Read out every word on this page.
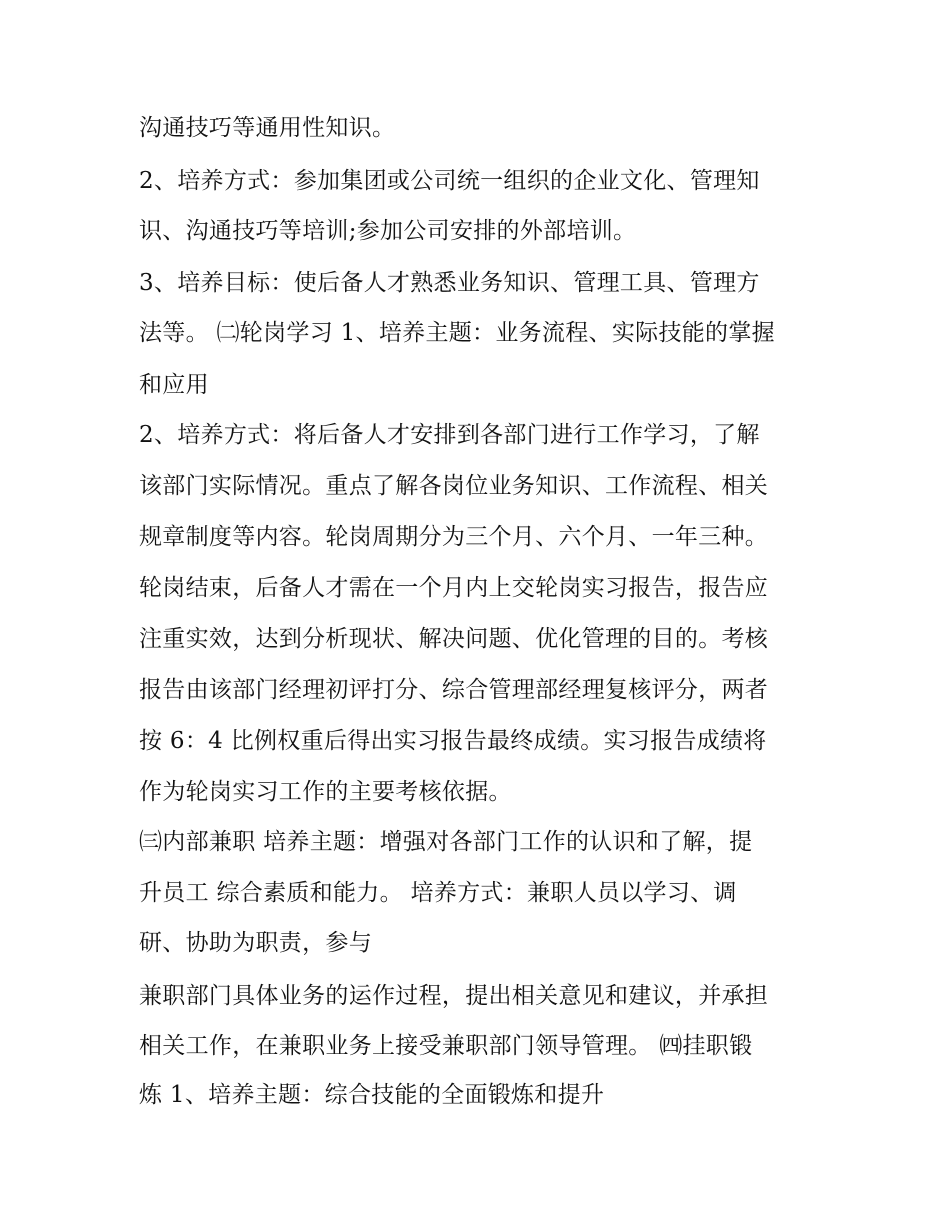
沟通技巧等通用性知识。

2、培养方式：参加集团或公司统一组织的企业文化、管理知

识、沟通技巧等培训;参加公司安排的外部培训。

3、培养目标：使后备人才熟悉业务知识、管理工具、管理方

法等。 ㈡轮岗学习 1、培养主题：业务流程、实际技能的掌握

和应用

2、培养方式：将后备人才安排到各部门进行工作学习，了解

该部门实际情况。重点了解各岗位业务知识、工作流程、相关

规章制度等内容。轮岗周期分为三个月、六个月、一年三种。

轮岗结束，后备人才需在一个月内上交轮岗实习报告，报告应

注重实效，达到分析现状、解决问题、优化管理的目的。考核

报告由该部门经理初评打分、综合管理部经理复核评分，两者

按 6：4 比例权重后得出实习报告最终成绩。实习报告成绩将

作为轮岗实习工作的主要考核依据。

㈢内部兼职 培养主题：增强对各部门工作的认识和了解，提

升员工 综合素质和能力。 培养方式：兼职人员以学习、调

研、协助为职责，参与

兼职部门具体业务的运作过程，提出相关意见和建议，并承担

相关工作，在兼职业务上接受兼职部门领导管理。 ㈣挂职锻

炼 1、培养主题：综合技能的全面锻炼和提升
